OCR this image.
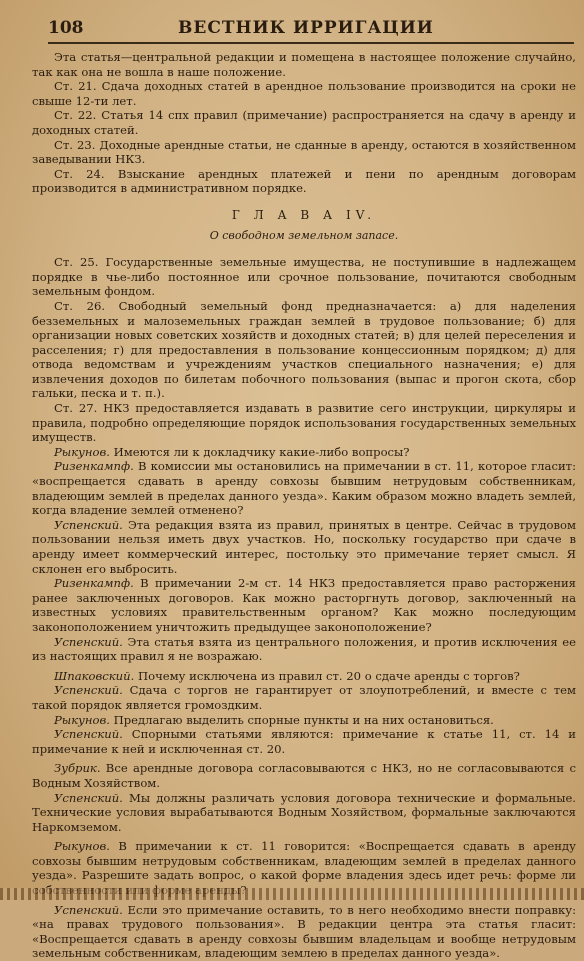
108	ВЕСТНИК ИРРИГАЦИИ

Эта статья—центральной редакции и помещена в настоящее положение случайно, так как она не вошла в наше положение.

Ст. 21. Сдача доходных статей в арендное пользование производится на сроки не свыше 12-ти лет.

Ст. 22. Статья 14 спх правил (примечание) распространяется на сдачу в аренду и доходных статей.

Ст. 23. Доходные арендные статьи, не сданные в аренду, остаются в хозяйственном заведывании НКЗ.

Ст. 24. Взыскание арендных платежей и пени по арендным договорам производится в административном порядке.

Г Л А В А IV.

О свободном земельном запасе.

Ст. 25. Государственные земельные имущества, не поступившие в надлежащем порядке в чье-либо постоянное или срочное пользование, почитаются свободным земельным фондом.

Ст. 26. Свободный земельный фонд предназначается: а) для наделения безземельных и малоземельных граждан землей в трудовое пользование; б) для организации новых советских хозяйств и доходных статей; в) для целей переселения и расселения; г) для предоставления в пользование концессионным порядком; д) для отвода ведомствам и учреждениям участков специального назначения; е) для извлечения доходов по билетам побочного пользования (выпас и прогон скота, сбор гальки, песка и т. п.).

Ст. 27. НКЗ предоставляется издавать в развитие сего инструкции, циркуляры и правила, подробно определяющие порядок использования государственных земельных имуществ.

Рыкунов. Имеются ли к докладчику какие-либо вопросы?

Ризенкампф. В комиссии мы остановились на примечании в ст. 11, которое гласит: «воспрещается сдавать в аренду совхозы бывшим нетрудовым собственникам, владеющим землей в пределах данного уезда». Каким образом можно владеть землей, когда владение землей отменено?

Успенский. Эта редакция взята из правил, принятых в центре. Сейчас в трудовом пользовании нельзя иметь двух участков. Но, поскольку государство при сдаче в аренду имеет коммерческий интерес, постольку это примечание теряет смысл. Я склонен его выбросить.

Ризенкампф. В примечании 2-м ст. 14 НКЗ предоставляется право расторжения ранее заключенных договоров. Как можно расторгнуть договор, заключенный на известных условиях правительственным органом? Как можно последующим законоположением уничтожить предыдущее законоположение?

Успенский. Эта статья взята из центрального положения, и против исключения ее из настоящих правил я не возражаю.

Шпаковский. Почему исключена из правил ст. 20 о сдаче аренды с торгов?

Успенский. Сдача с торгов не гарантирует от злоупотреблений, и вместе с тем такой порядок является громоздким.

Рыкунов. Предлагаю выделить спорные пункты и на них остановиться.

Успенский. Спорными статьями являются: примечание к статье 11, ст. 14 и примечание к ней и исключенная ст. 20.

Зубрик. Все арендные договора согласовываются с НКЗ, но не согласовываются с Водным Хозяйством.

Успенский. Мы должны различать условия договора технические и формальные. Технические условия вырабатываются Водным Хозяйством, формальные заключаются Наркомземом.

Рыкунов. В примечании к ст. 11 говорится: «Воспрещается сдавать в аренду совхозы бывшим нетрудовым собственникам, владеющим землей в пределах данного уезда». Разрешите задать вопрос, о какой форме владения здесь идет речь: форме ли

Успенский. Если это примечание оставить, то в него необходимо внести поправку: «на правах трудового пользования». В редакции центра эта статья гласит: «Воспрещается сдавать в аренду совхозы бывшим владельцам и вообще нетрудовым земельным собственникам, владеющим землею в пределах данного уезда».
